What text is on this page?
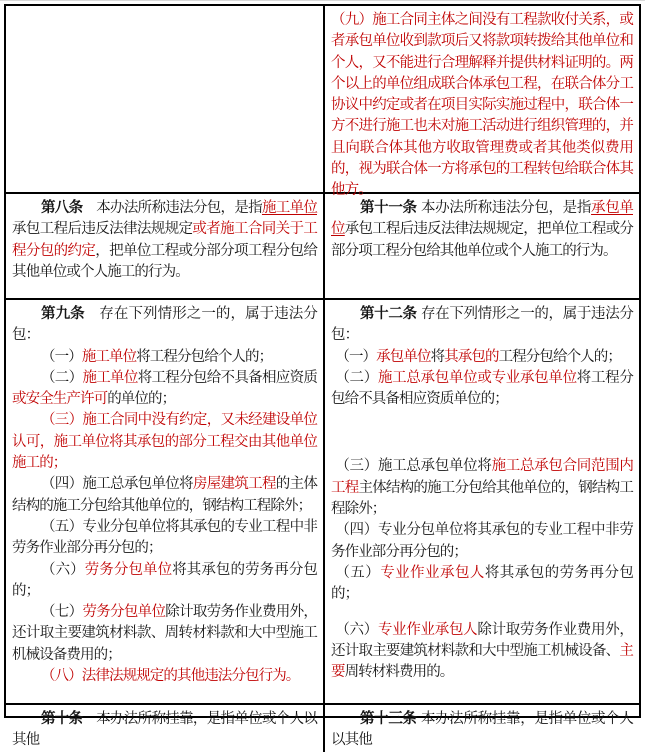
（九）施工合同主体之间没有工程款收付关系，或者承包单位收到款项后又将款项转拨给其他单位和个人，又不能进行合理解释并提供材料证明的。两个以上的单位组成联合体承包工程，在联合体分工协议中约定或者在项目实际实施过程中，联合体一方不进行施工也未对施工活动进行组织管理的，并且向联合体其他方收取管理费或者其他类似费用的，视为联合体一方将承包的工程转包给联合体其他方。
第八条　本办法所称违法分包，是指施工单位承包工程后违反法律法规规定或者施工合同关于工程分包的约定，把单位工程或分部分项工程分包给其他单位或个人施工的行为。
第十一条 本办法所称违法分包，是指承包单位承包工程后违反法律法规规定，把单位工程或分部分项工程分包给其他单位或个人施工的行为。
第九条　存在下列情形之一的，属于违法分包：
（一）施工单位将工程分包给个人的；
（二）施工单位将工程分包给不具备相应资质或安全生产许可的单位的；
（三）施工合同中没有约定，又未经建设单位认可，施工单位将其承包的部分工程交由其他单位施工的；
（四）施工总承包单位将房屋建筑工程的主体结构的施工分包给其他单位的，钢结构工程除外；
（五）专业分包单位将其承包的专业工程中非劳务作业部分再分包的；
（六）劳务分包单位将其承包的劳务再分包的；
（七）劳务分包单位除计取劳务作业费用外，还计取主要建筑材料款、周转材料款和大中型施工机械设备费用的；
（八）法律法规规定的其他违法分包行为。
第十二条 存在下列情形之一的，属于违法分包：
（一）承包单位将其承包的工程分包给个人的；
（二）施工总承包单位或专业承包单位将工程分包给不具备相应资质单位的；
（三）施工总承包单位将施工总承包合同范围内工程主体结构的施工分包给其他单位的，钢结构工程除外；
（四）专业分包单位将其承包的专业工程中非劳务作业部分再分包的；
（五）专业作业承包人将其承包的劳务再分包的；
（六）专业作业承包人除计取劳务作业费用外，还计取主要建筑材料款和大中型施工机械设备、主要周转材料费用的。
第十条　本办法所称挂靠，是指单位或个人以其他
第十三条 本办法所称挂靠，是指单位或个人以其他
